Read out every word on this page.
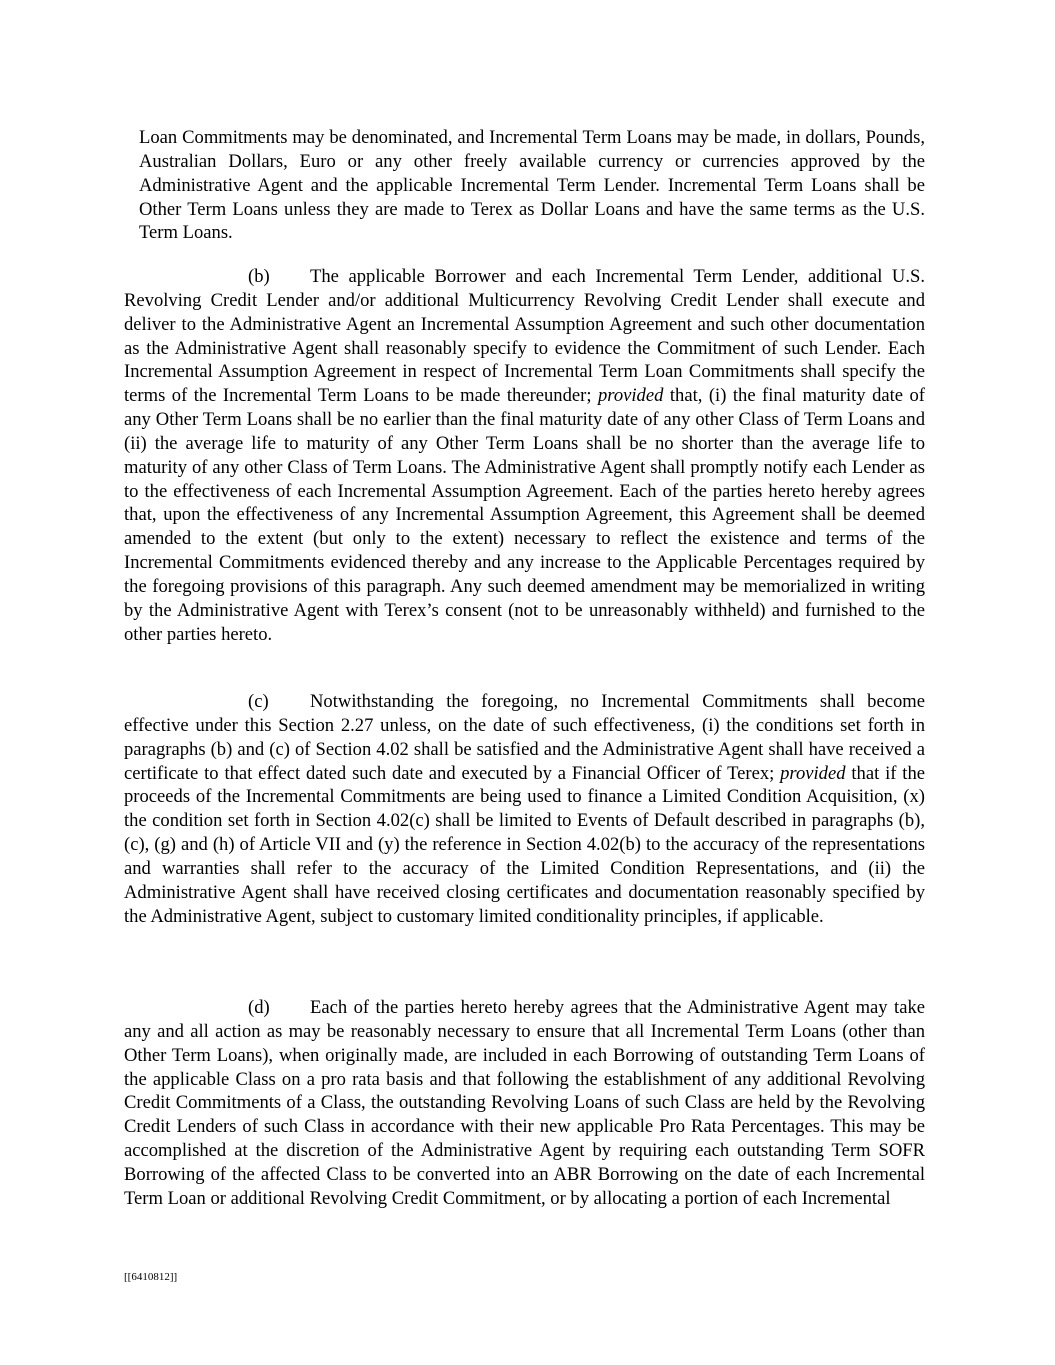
Loan Commitments may be denominated, and Incremental Term Loans may be made, in dollars, Pounds, Australian Dollars, Euro or any other freely available currency or currencies approved by the Administrative Agent and the applicable Incremental Term Lender. Incremental Term Loans shall be Other Term Loans unless they are made to Terex as Dollar Loans and have the same terms as the U.S. Term Loans.

(b) The applicable Borrower and each Incremental Term Lender, additional U.S. Revolving Credit Lender and/or additional Multicurrency Revolving Credit Lender shall execute and deliver to the Administrative Agent an Incremental Assumption Agreement and such other documentation as the Administrative Agent shall reasonably specify to evidence the Commitment of such Lender. Each Incremental Assumption Agreement in respect of Incremental Term Loan Commitments shall specify the terms of the Incremental Term Loans to be made thereunder; provided that, (i) the final maturity date of any Other Term Loans shall be no earlier than the final maturity date of any other Class of Term Loans and (ii) the average life to maturity of any Other Term Loans shall be no shorter than the average life to maturity of any other Class of Term Loans. The Administrative Agent shall promptly notify each Lender as to the effectiveness of each Incremental Assumption Agreement. Each of the parties hereto hereby agrees that, upon the effectiveness of any Incremental Assumption Agreement, this Agreement shall be deemed amended to the extent (but only to the extent) necessary to reflect the existence and terms of the Incremental Commitments evidenced thereby and any increase to the Applicable Percentages required by the foregoing provisions of this paragraph. Any such deemed amendment may be memorialized in writing by the Administrative Agent with Terex’s consent (not to be unreasonably withheld) and furnished to the other parties hereto.

(c) Notwithstanding the foregoing, no Incremental Commitments shall become effective under this Section 2.27 unless, on the date of such effectiveness, (i) the conditions set forth in paragraphs (b) and (c) of Section 4.02 shall be satisfied and the Administrative Agent shall have received a certificate to that effect dated such date and executed by a Financial Officer of Terex; provided that if the proceeds of the Incremental Commitments are being used to finance a Limited Condition Acquisition, (x) the condition set forth in Section 4.02(c) shall be limited to Events of Default described in paragraphs (b), (c), (g) and (h) of Article VII and (y) the reference in Section 4.02(b) to the accuracy of the representations and warranties shall refer to the accuracy of the Limited Condition Representations, and (ii) the Administrative Agent shall have received closing certificates and documentation reasonably specified by the Administrative Agent, subject to customary limited conditionality principles, if applicable.

(d) Each of the parties hereto hereby agrees that the Administrative Agent may take any and all action as may be reasonably necessary to ensure that all Incremental Term Loans (other than Other Term Loans), when originally made, are included in each Borrowing of outstanding Term Loans of the applicable Class on a pro rata basis and that following the establishment of any additional Revolving Credit Commitments of a Class, the outstanding Revolving Loans of such Class are held by the Revolving Credit Lenders of such Class in accordance with their new applicable Pro Rata Percentages. This may be accomplished at the discretion of the Administrative Agent by requiring each outstanding Term SOFR Borrowing of the affected Class to be converted into an ABR Borrowing on the date of each Incremental Term Loan or additional Revolving Credit Commitment, or by allocating a portion of each Incremental

[[6410812]]
